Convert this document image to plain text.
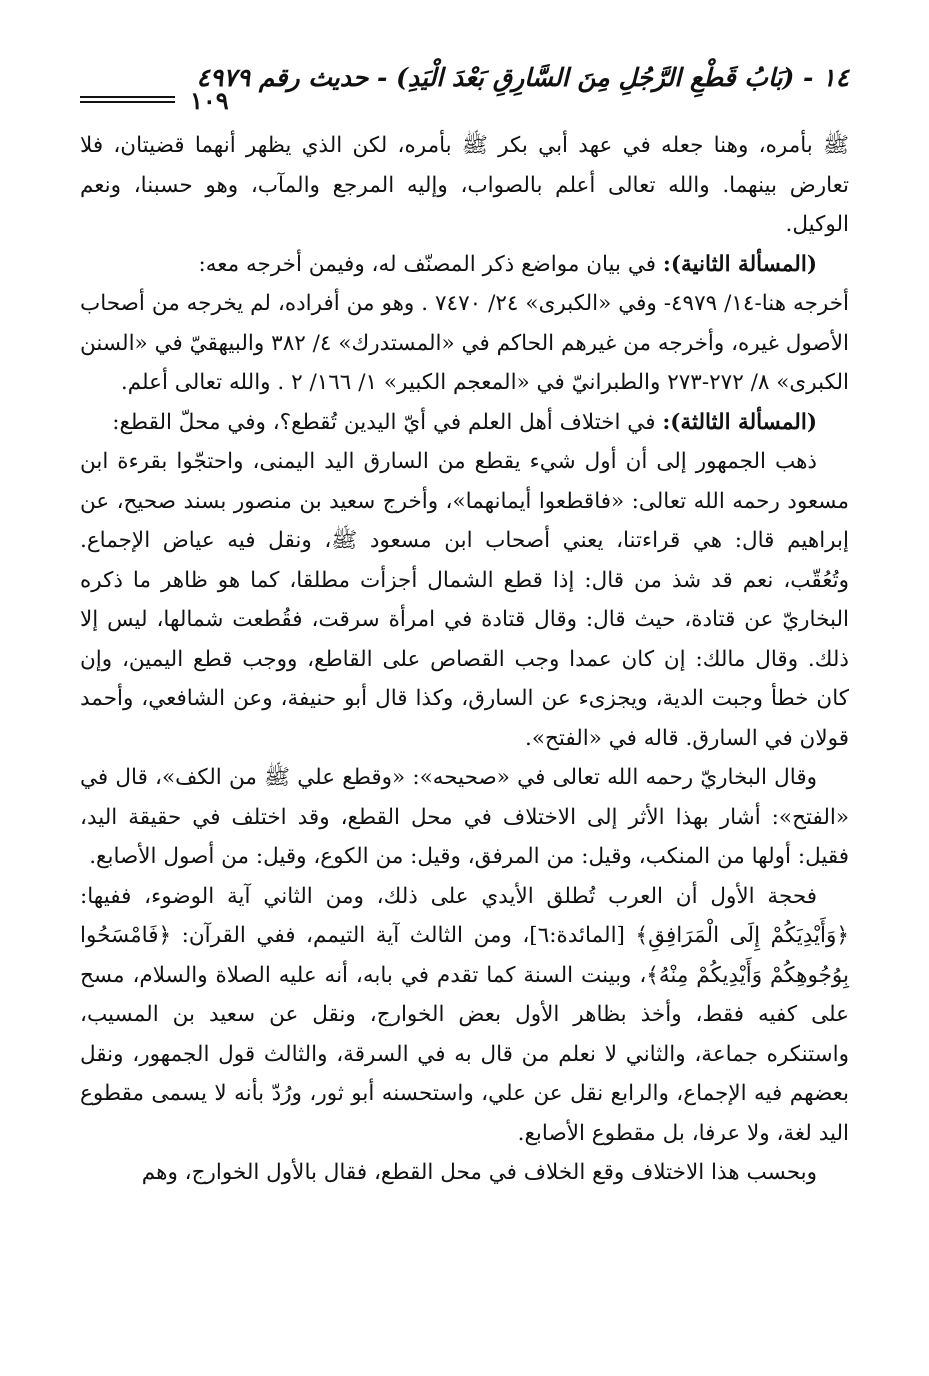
١٤ - (بَابُ قَطْعِ الرَّجُلِ مِنَ السَّارِقِ بَعْدَ الْيَدِ) - حديث رقم ٤٩٧٩
١٠٩

ﷺ بأمره، وهنا جعله في عهد أبي بكر ﷺ بأمره، لكن الذي يظهر أنهما قضيتان، فلا تعارض بينهما. والله تعالى أعلم بالصواب، وإليه المرجع والمآب، وهو حسبنا، ونعم الوكيل.

(المسألة الثانية): في بيان مواضع ذكر المصنّف له، وفيمن أخرجه معه:

أخرجه هنا-١٤/ ٤٩٧٩- وفي «الكبرى» ٢٤/ ٧٤٧٠ . وهو من أفراده، لم يخرجه من أصحاب الأصول غيره، وأخرجه من غيرهم الحاكم في «المستدرك» ٤/ ٣٨٢ والبيهقيّ في «السنن الكبرى» ٨/ ٢٧٢-٢٧٣ والطبرانيّ في «المعجم الكبير» ١/ ١٦٦/ ٢ . والله تعالى أعلم.

(المسألة الثالثة): في اختلاف أهل العلم في أيّ اليدين تُقطع؟، وفي محلّ القطع:

ذهب الجمهور إلى أن أول شيء يقطع من السارق اليد اليمنى، واحتجّوا بقرءة ابن مسعود رحمه الله تعالى: «فاقطعوا أيمانهما»، وأخرج سعيد بن منصور بسند صحيح، عن إبراهيم قال: هي قراءتنا، يعني أصحاب ابن مسعود ﷺ، ونقل فيه عياض الإجماع. وتُعُقّب، نعم قد شذ من قال: إذا قطع الشمال أجزأت مطلقا، كما هو ظاهر ما ذكره البخاريّ عن قتادة، حيث قال: وقال قتادة في امرأة سرقت، فقُطعت شمالها، ليس إلا ذلك. وقال مالك: إن كان عمدا وجب القصاص على القاطع، ووجب قطع اليمين، وإن كان خطأ وجبت الدية، ويجزىء عن السارق، وكذا قال أبو حنيفة، وعن الشافعي، وأحمد قولان في السارق. قاله في «الفتح».

وقال البخاريّ رحمه الله تعالى في «صحيحه»: «وقطع علي ﷺ من الكف»، قال في «الفتح»: أشار بهذا الأثر إلى الاختلاف في محل القطع، وقد اختلف في حقيقة اليد، فقيل: أولها من المنكب، وقيل: من المرفق، وقيل: من الكوع، وقيل: من أصول الأصابع.

فحجة الأول أن العرب تُطلق الأيدي على ذلك، ومن الثاني آية الوضوء، ففيها: ﴿وَأَيْدِيَكُمْ إِلَى الْمَرَافِقِ﴾ [المائدة:٦]، ومن الثالث آية التيمم، ففي القرآن: ﴿فَامْسَحُوا بِوُجُوهِكُمْ وَأَيْدِيكُمْ مِنْهُ﴾، وبينت السنة كما تقدم في بابه، أنه عليه الصلاة والسلام، مسح على كفيه فقط، وأخذ بظاهر الأول بعض الخوارج، ونقل عن سعيد بن المسيب، واستنكره جماعة، والثاني لا نعلم من قال به في السرقة، والثالث قول الجمهور، ونقل بعضهم فيه الإجماع، والرابع نقل عن علي، واستحسنه أبو ثور، ورُدّ بأنه لا يسمى مقطوع اليد لغة، ولا عرفا، بل مقطوع الأصابع.

وبحسب هذا الاختلاف وقع الخلاف في محل القطع، فقال بالأول الخوارج، وهم
